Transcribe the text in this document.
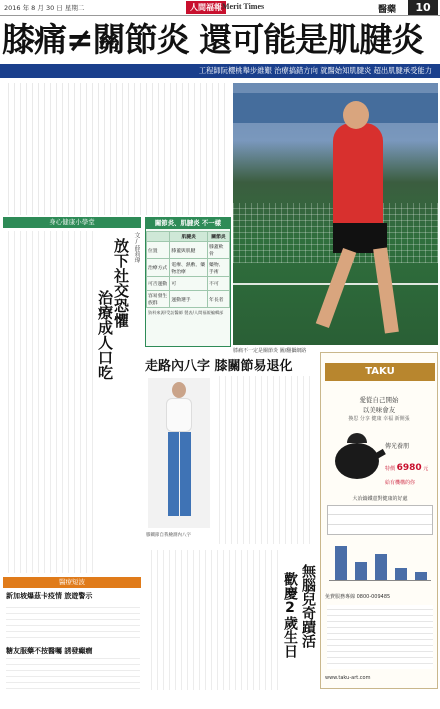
2016 年 8 月 30 日 星期二	人間福報 Merit Times	醫藥	10
膝痛≠關節炎 還可能是肌腱炎
工程師阮櫻桃舉步維艱 治療搞錯方向 就醫始知肌腱炎 超出肌腱承受能力
關節炎、肌腱炎 不一樣
	肌腱炎	關節炎
位置	膝蓋與肌腱	膝蓋軟骨
治療方式	電療、熱敷、藥物治療	藥物、手術
可否運動	可	不可
容易發生族群	運動選手	年長者
資料來源/受訪醫師 製表/人間福報編輯部
膝痛不一定是關節炎 圖/翻攝網路
身心健康小學堂
文/薛莉瑋
放下社交恐懼
治療成人口吃 走路內八字 膝關節易退化
膝關節自我檢測內八字
TAKU
愛從自己開始
以美味會友
換思 分享 健康 幸福 新開張
傳光養朋
特價 6980 元
給有機構的你
大冶鑄鐵壺對健康的好處
免費服務專線 0800-009485
www.taku-art.com
無腦兒奇蹟活
歡慶2歲生日
醫療短波
新加坡爆茲卡疫情 旅遊警示
糖友服藥不按醫囑 誘發癲癇
